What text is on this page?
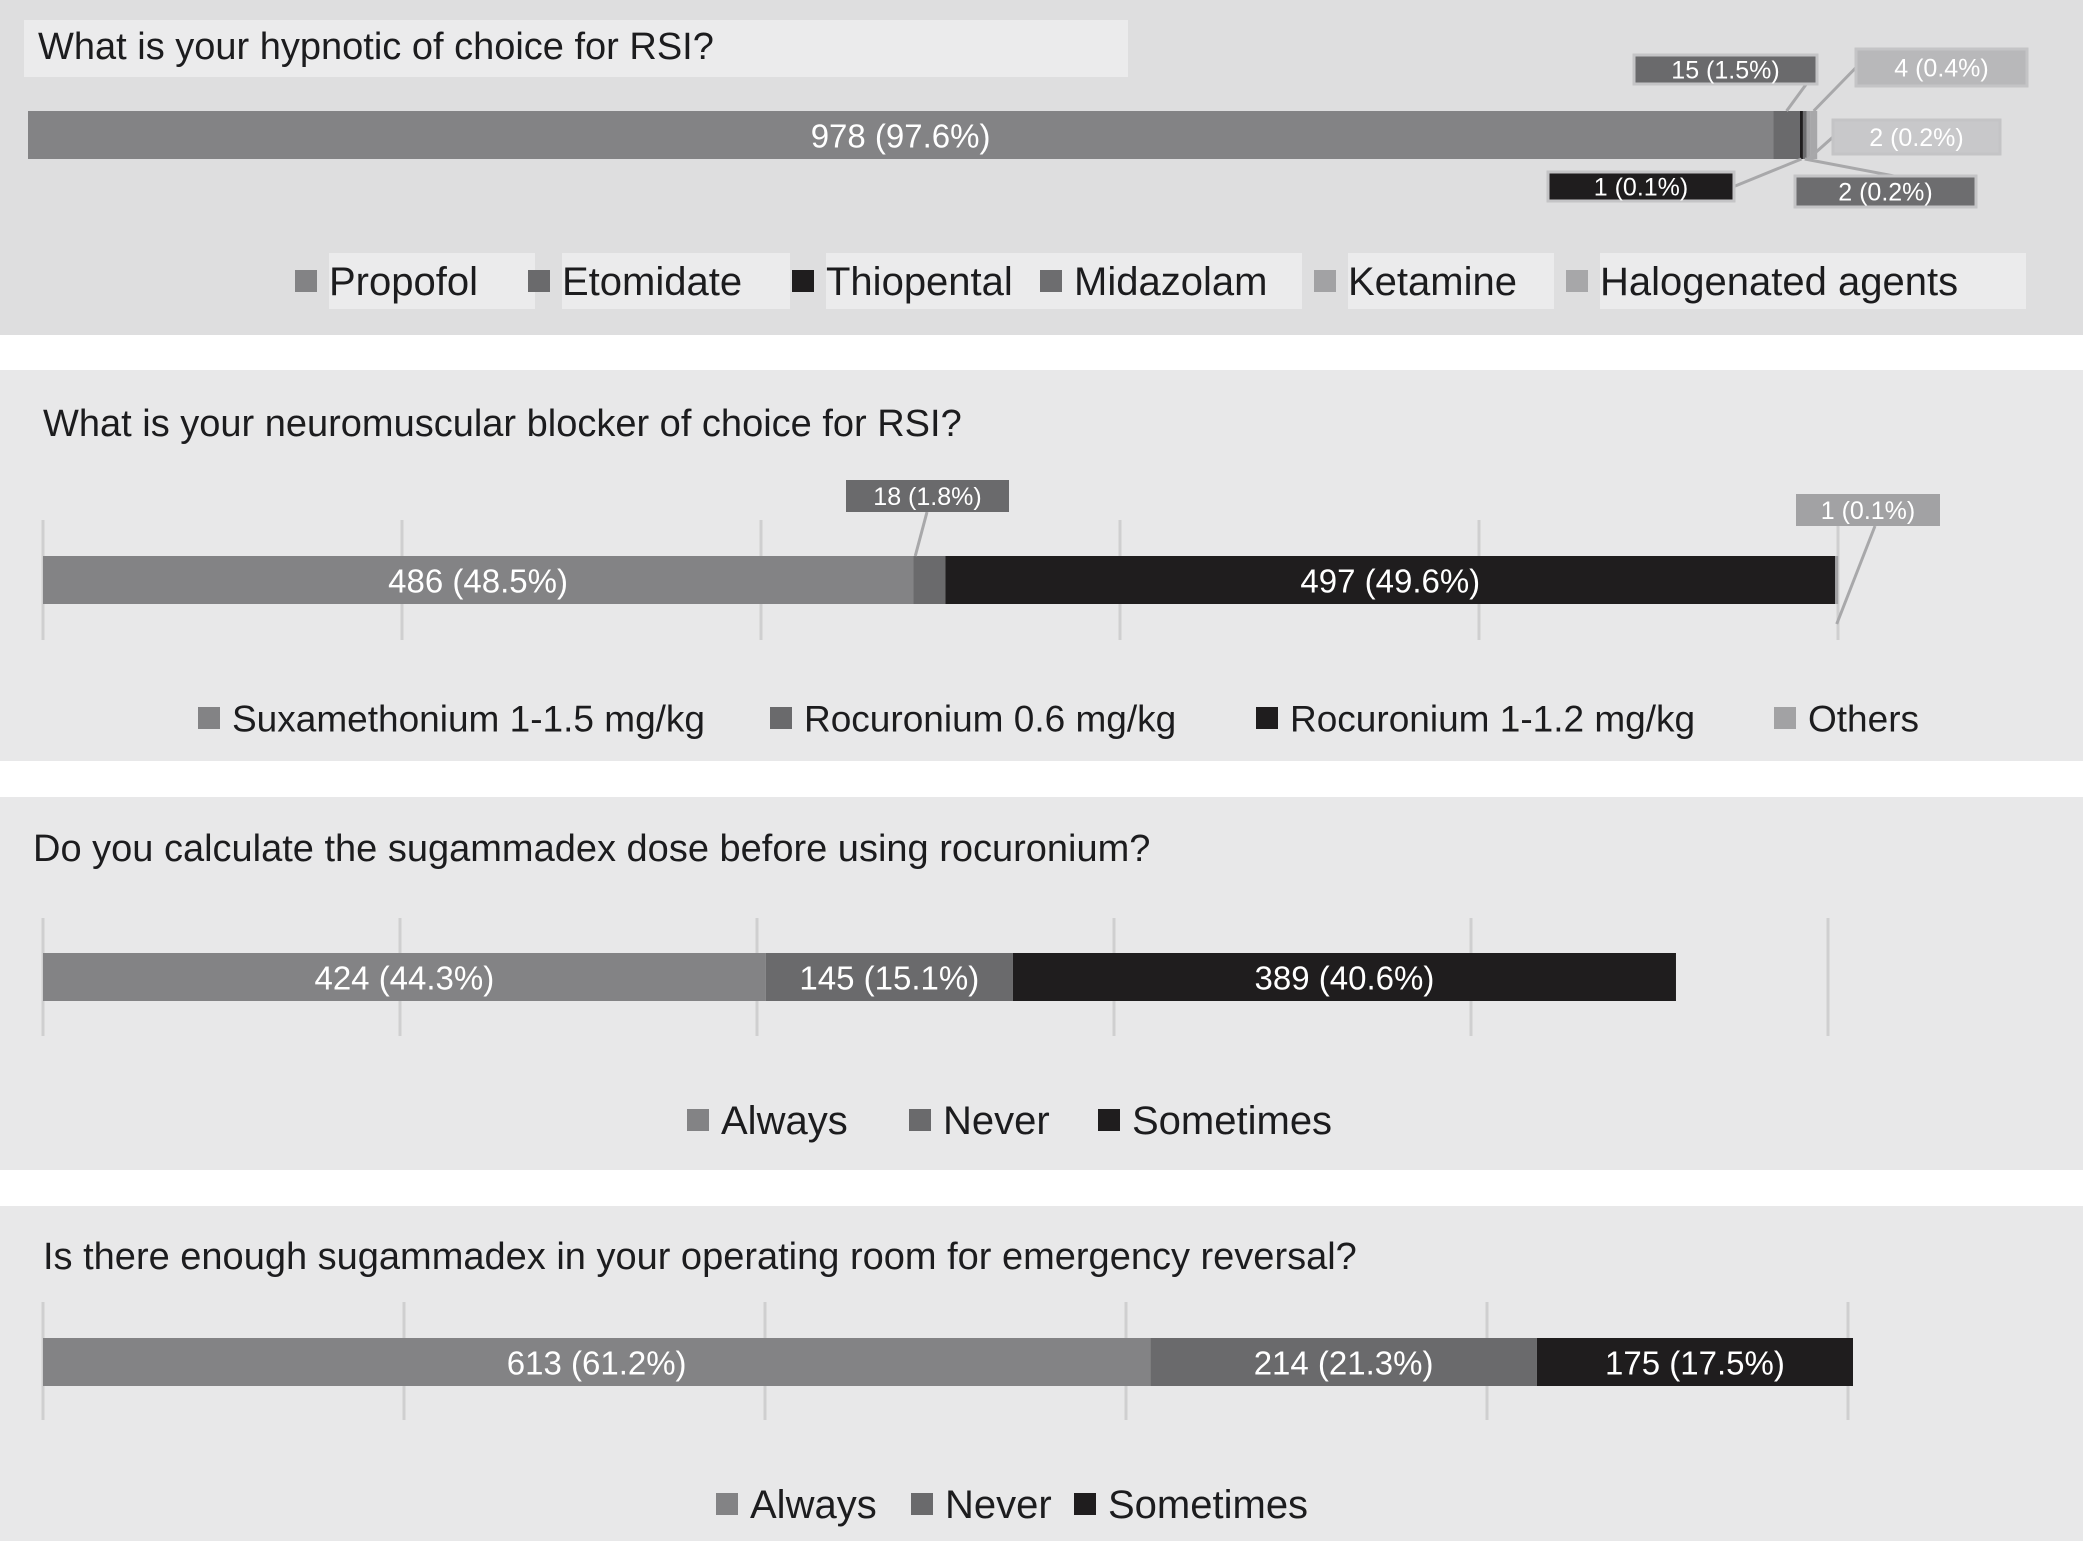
What is your hypnotic of choice for RSI?
978 (97.6%)
15 (1.5%)
1 (0.1%)	2 (0.2%)
2 (0.2%)
4 (0.4%)
Propofol Etomidate Thiopental Midazolam Ketamine Halogenated agents
What is your neuromuscular blocker of choice for RSI?
486 (48.5%)
18 (1.8%)
497 (49.6%)
1 (0.1%)
Suxamethonium 1-1.5 mg/kg	Rocuronium 0.6 mg/kg	Rocuronium 1-1.2 mg/kg	Others
Do you calculate the sugammadex dose before using rocuronium?
424 (44.3%)	145 (15.1%)	389 (40.6%)
Always Never Sometimes
Is there enough sugammadex in your operating room for emergency reversal?
613 (61.2%)	214 (21.3%)	175 (17.5%)
Always Never Sometimes
